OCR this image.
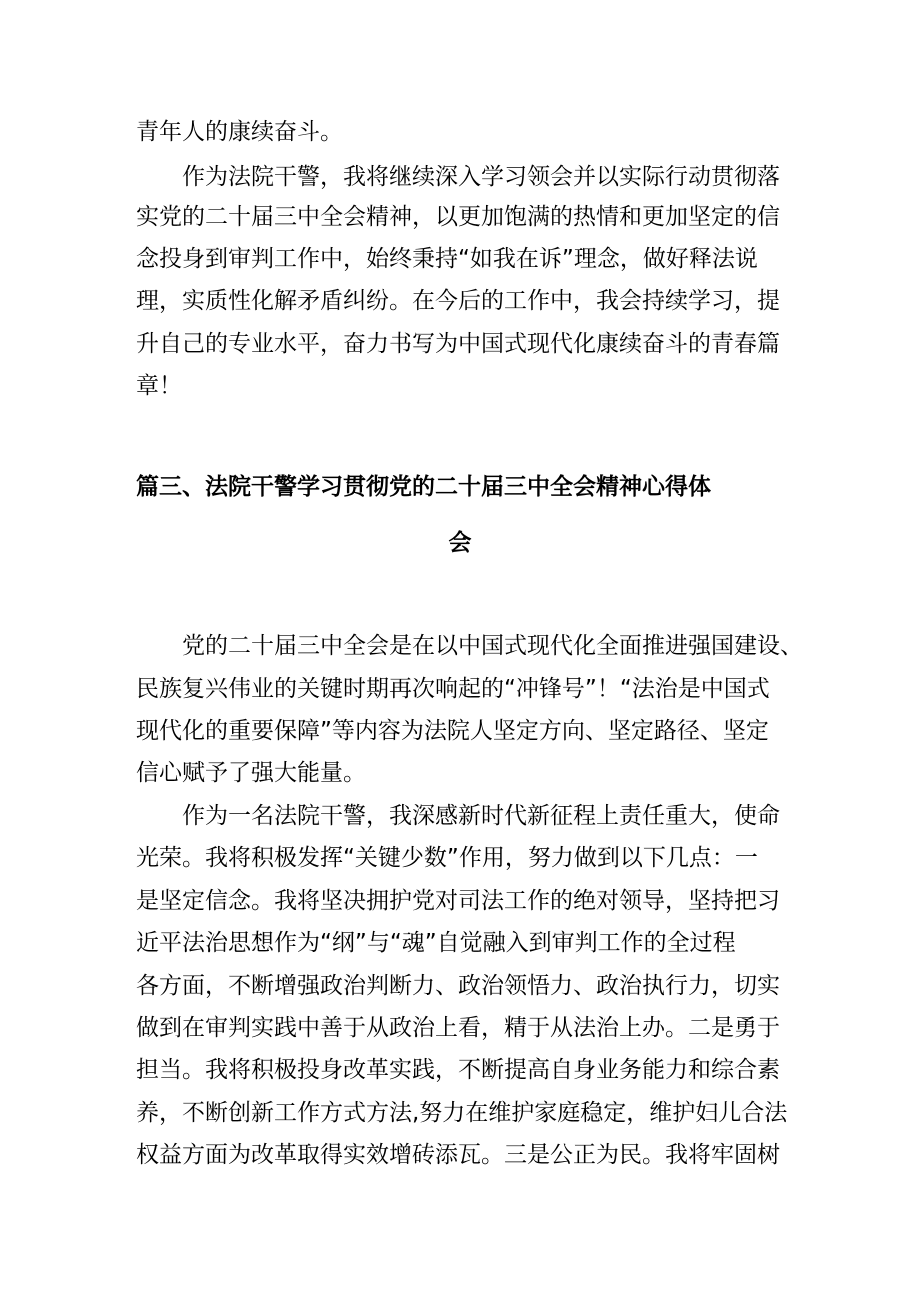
青年人的康续奋斗。
作为法院干警，我将继续深入学习领会并以实际行动贯彻落
实党的二十届三中全会精神，以更加饱满的热情和更加坚定的信
念投身到审判工作中，始终秉持“如我在诉”理念，做好释法说
理，实质性化解矛盾纠纷。在今后的工作中，我会持续学习，提
升自己的专业水平，奋力书写为中国式现代化康续奋斗的青春篇
章！
篇三、法院干警学习贯彻党的二十届三中全会精神心得体
会
党的二十届三中全会是在以中国式现代化全面推进强国建设、
民族复兴伟业的关键时期再次响起的“冲锋号”！“法治是中国式
现代化的重要保障”等内容为法院人坚定方向、坚定路径、坚定
信心赋予了强大能量。
作为一名法院干警，我深感新时代新征程上责任重大，使命
光荣。我将积极发挥“关键少数”作用，努力做到以下几点：一
是坚定信念。我将坚决拥护党对司法工作的绝对领导，坚持把习
近平法治思想作为“纲”与“魂”自觉融入到审判工作的全过程
各方面，不断增强政治判断力、政治领悟力、政治执行力，切实
做到在审判实践中善于从政治上看，精于从法治上办。二是勇于
担当。我将积极投身改革实践，不断提高自身业务能力和综合素
养，不断创新工作方式方法,努力在维护家庭稳定，维护妇儿合法
权益方面为改革取得实效增砖添瓦。三是公正为民。我将牢固树
